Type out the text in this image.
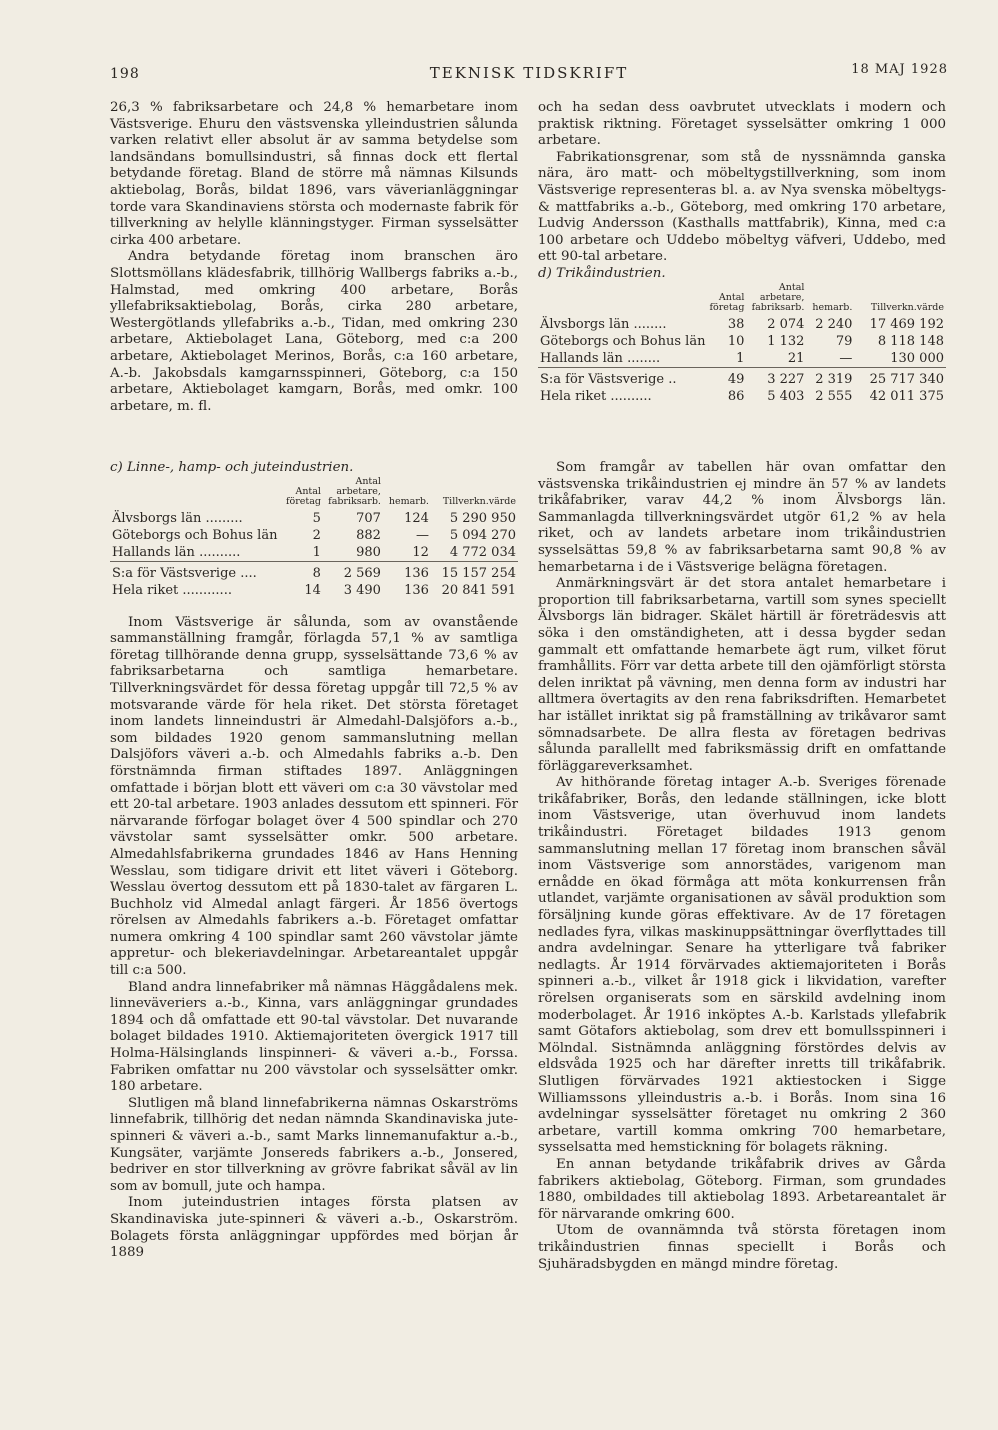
198	TEKNISK TIDSKRIFT	18 MAJ 1928

26,3 % fabriksarbetare och 24,8 % hemarbetare inom Västsverige. Ehuru den västsvenska ylleindustrien sålunda varken relativt eller absolut är av samma betydelse som landsändans bomullsindustri, så finnas dock ett flertal betydande företag. Bland de större må nämnas Kilsunds aktiebolag, Borås, bildat 1896, vars väverianläggningar torde vara Skandinaviens största och modernaste fabrik för tillverkning av helylle klänningstyger. Firman sysselsätter cirka 400 arbetare.

Andra betydande företag inom branschen äro Slottsmöllans klädesfabrik, tillhörig Wallbergs fabriks a.-b., Halmstad, med omkring 400 arbetare, Borås yllefabriksaktiebolag, Borås, cirka 280 arbetare, Westergötlands yllefabriks a.-b., Tidan, med omkring 230 arbetare, Aktiebolaget Lana, Göteborg, med c:a 200 arbetare, Aktiebolaget Merinos, Borås, c:a 160 arbetare, A.-b. Jakobsdals kamgarnsspinneri, Göteborg, c:a 150 arbetare, Aktiebolaget kamgarn, Borås, med omkr. 100 arbetare, m. fl.

och ha sedan dess oavbrutet utvecklats i modern och praktisk riktning. Företaget sysselsätter omkring 1 000 arbetare.

Fabrikationsgrenar, som stå de nyssnämnda ganska nära, äro matt- och möbeltygstillverkning, som inom Västsverige representeras bl. a. av Nya svenska möbeltygs- & mattfabriks a.-b., Göteborg, med omkring 170 arbetare, Ludvig Andersson (Kasthalls mattfabrik), Kinna, med c:a 100 arbetare och Uddebo möbeltyg väfveri, Uddebo, med ett 90-tal arbetare.

d) Trikåindustrien.

	Antal företag	Antal arbetare, fabriksarb.	hemarb.	Tillverkn.värde
Älvsborgs län ........	38	2 074	2 240	17 469 192
Göteborgs och Bohus län	10	1 132	79	8 118 148
Hallands län ........	1	21	—	130 000
S:a för Västsverige ..	49	3 227	2 319	25 717 340
Hela riket ..........	86	5 403	2 555	42 011 375

c) Linne-, hamp- och juteindustrien.

	Antal företag	Antal arbetare, fabriksarb.	hemarb.	Tillverkn.värde
Älvsborgs län .........	5	707	124	5 290 950
Göteborgs och Bohus län	2	882	—	5 094 270
Hallands län ..........	1	980	12	4 772 034
S:a för Västsverige ....	8	2 569	136	15 157 254
Hela riket ............	14	3 490	136	20 841 591

Inom Västsverige är sålunda, som av ovanstående sammanställning framgår, förlagda 57,1 % av samtliga företag tillhörande denna grupp, sysselsättande 73,6 % av fabriksarbetarna och samtliga hemarbetare. Tillverkningsvärdet för dessa företag uppgår till 72,5 % av motsvarande värde för hela riket. Det största företaget inom landets linneindustri är Almedahl-Dalsjöfors a.-b., som bildades 1920 genom sammanslutning mellan Dalsjöfors väveri a.-b. och Almedahls fabriks a.-b. Den förstnämnda firman stiftades 1897. Anläggningen omfattade i början blott ett väveri om c:a 30 vävstolar med ett 20-tal arbetare. 1903 anlades dessutom ett spinneri. För närvarande förfogar bolaget över 4 500 spindlar och 270 vävstolar samt sysselsätter omkr. 500 arbetare. Almedahlsfabrikerna grundades 1846 av Hans Henning Wesslau, som tidigare drivit ett litet väveri i Göteborg. Wesslau övertog dessutom ett på 1830-talet av färgaren L. Buchholz vid Almedal anlagt färgeri. År 1856 övertogs rörelsen av Almedahls fabrikers a.-b. Företaget omfattar numera omkring 4 100 spindlar samt 260 vävstolar jämte appretur- och blekeriavdelningar. Arbetareantalet uppgår till c:a 500.

Bland andra linnefabriker må nämnas Häggådalens mek. linneväveriers a.-b., Kinna, vars anläggningar grundades 1894 och då omfattade ett 90-tal vävstolar. Det nuvarande bolaget bildades 1910. Aktiemajoriteten övergick 1917 till Holma-Hälsinglands linspinneri- & väveri a.-b., Forssa. Fabriken omfattar nu 200 vävstolar och sysselsätter omkr. 180 arbetare.

Slutligen må bland linnefabrikerna nämnas Oskarströms linnefabrik, tillhörig det nedan nämnda Skandinaviska jute-spinneri & väveri a.-b., samt Marks linnemanufaktur a.-b., Kungsäter, varjämte Jonsereds fabrikers a.-b., Jonsered, bedriver en stor tillverkning av grövre fabrikat såväl av lin som av bomull, jute och hampa.

Inom juteindustrien intages första platsen av Skandinaviska jute-spinneri & väveri a.-b., Oskarström. Bolagets första anläggningar uppfördes med början år 1889

Som framgår av tabellen här ovan omfattar den västsvenska trikåindustrien ej mindre än 57 % av landets trikåfabriker, varav 44,2 % inom Älvsborgs län. Sammanlagda tillverkningsvärdet utgör 61,2 % av hela riket, och av landets arbetare inom trikåindustrien sysselsättas 59,8 % av fabriksarbetarna samt 90,8 % av hemarbetarna i de i Västsverige belägna företagen.

Anmärkningsvärt är det stora antalet hemarbetare i proportion till fabriksarbetarna, vartill som synes speciellt Älvsborgs län bidrager. Skälet härtill är företrädesvis att söka i den omständigheten, att i dessa bygder sedan gammalt ett omfattande hemarbete ägt rum, vilket förut framhållits. Förr var detta arbete till den ojämförligt största delen inriktat på vävning, men denna form av industri har alltmera övertagits av den rena fabriksdriften. Hemarbetet har istället inriktat sig på framställning av trikåvaror samt sömnadsarbete. De allra flesta av företagen bedrivas sålunda parallellt med fabriksmässig drift en omfattande förläggareverksamhet.

Av hithörande företag intager A.-b. Sveriges förenade trikåfabriker, Borås, den ledande ställningen, icke blott inom Västsverige, utan överhuvud inom landets trikåindustri. Företaget bildades 1913 genom sammanslutning mellan 17 företag inom branschen såväl inom Västsverige som annorstädes, varigenom man ernådde en ökad förmåga att möta konkurrensen från utlandet, varjämte organisationen av såväl produktion som försäljning kunde göras effektivare. Av de 17 företagen nedlades fyra, vilkas maskinuppsättningar överflyttades till andra avdelningar. Senare ha ytterligare två fabriker nedlagts. År 1914 förvärvades aktiemajoriteten i Borås spinneri a.-b., vilket år 1918 gick i likvidation, varefter rörelsen organiserats som en särskild avdelning inom moderbolaget. År 1916 inköptes A.-b. Karlstads yllefabrik samt Götafors aktiebolag, som drev ett bomullsspinneri i Mölndal. Sistnämnda anläggning förstördes delvis av eldsvåda 1925 och har därefter inretts till trikåfabrik. Slutligen förvärvades 1921 aktiestocken i Sigge Williamssons ylleindustris a.-b. i Borås. Inom sina 16 avdelningar sysselsätter företaget nu omkring 2 360 arbetare, vartill komma omkring 700 hemarbetare, sysselsatta med hemstickning för bolagets räkning.

En annan betydande trikåfabrik drives av Gårda fabrikers aktiebolag, Göteborg. Firman, som grundades 1880, ombildades till aktiebolag 1893. Arbetareantalet är för närvarande omkring 600.

Utom de ovannämnda två största företagen inom trikåindustrien finnas speciellt i Borås och Sjuhäradsbygden en mängd mindre företag.
